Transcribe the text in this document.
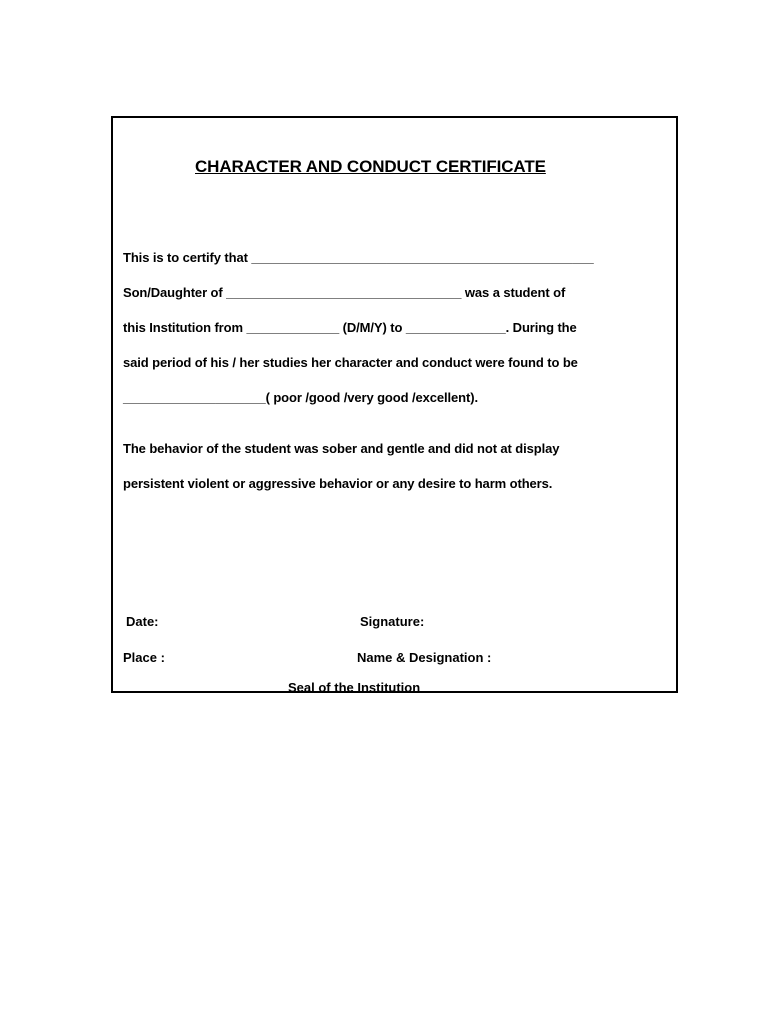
CHARACTER AND CONDUCT CERTIFICATE
This is to certify that ________________________________________________
Son/Daughter of _________________________________ was a student of
this Institution from _____________ (D/M/Y) to ______________. During the
said period of his / her studies her character and conduct were found to be
____________________( poor /good /very good /excellent).
The behavior of the student was sober and gentle and did not at display
persistent violent or aggressive behavior or any desire to harm others.
Date:	Signature:
Place :	Name & Designation :
Seal of the Institution
